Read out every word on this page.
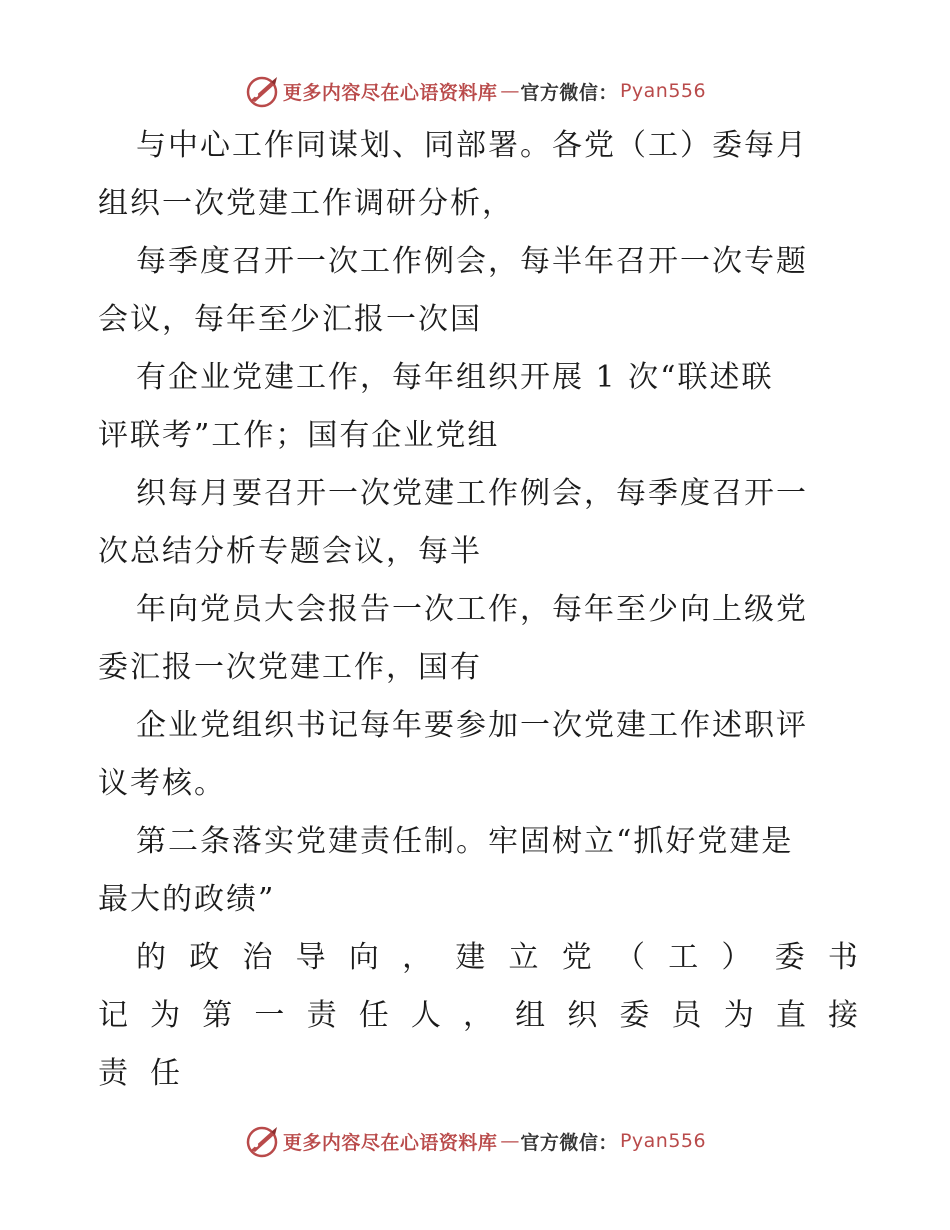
更多内容尽在心语资料库 — 官方微信： Pyan556
与中心工作同谋划、同部署。各党（工）委每月
组织一次党建工作调研分析，
每季度召开一次工作例会，每半年召开一次专题
会议，每年至少汇报一次国
有企业党建工作，每年组织开展 1 次“联述联
评联考”工作；国有企业党组
织每月要召开一次党建工作例会，每季度召开一
次总结分析专题会议，每半
年向党员大会报告一次工作，每年至少向上级党
委汇报一次党建工作，国有
企业党组织书记每年要参加一次党建工作述职评
议考核。
第二条落实党建责任制。牢固树立“抓好党建是
最大的政绩”
的 政 治 导 向 ， 建 立 党 （ 工 ） 委 书
记 为 第 一 责 任 人 ， 组 织 委 员 为 直 接
责 任
更多内容尽在心语资料库 — 官方微信： Pyan556
